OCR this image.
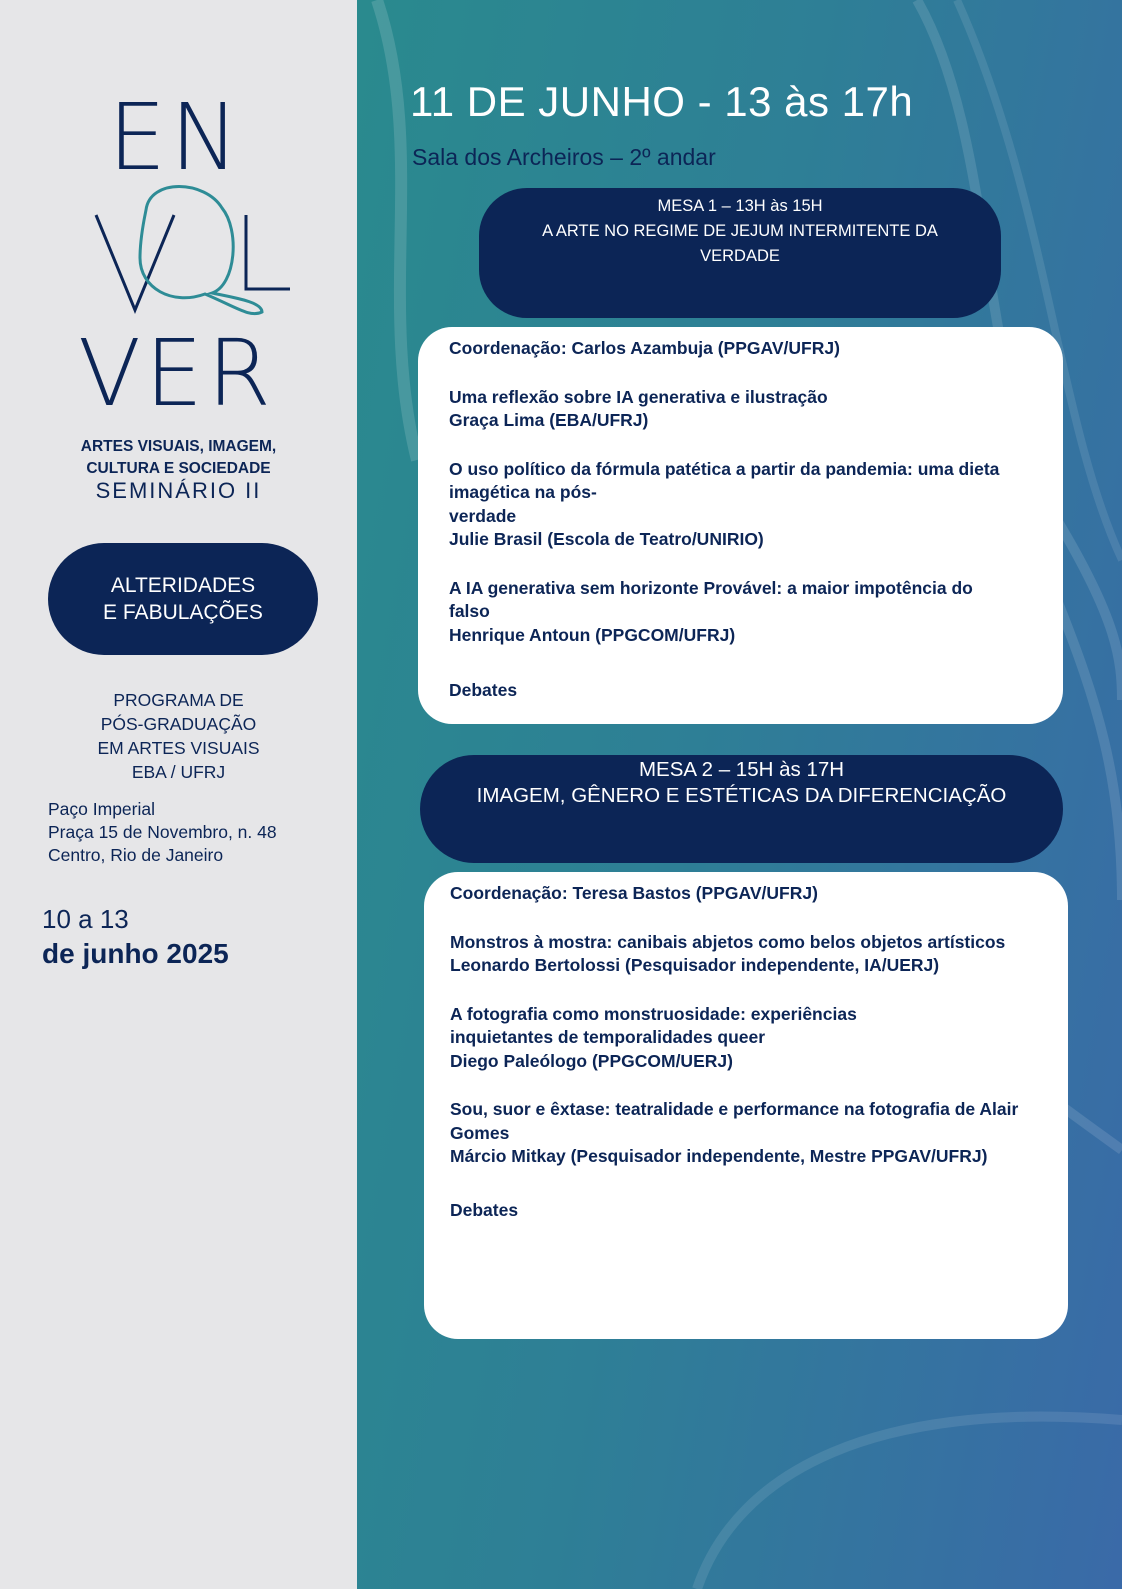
EN
VER
ARTES VISUAIS, IMAGEM,
CULTURA E SOCIEDADE
SEMINÁRIO II
ALTERIDADES
E FABULAÇÕES
PROGRAMA DE
PÓS-GRADUAÇÃO
EM ARTES VISUAIS
EBA / UFRJ
Paço Imperial
Praça 15 de Novembro, n. 48
Centro, Rio de Janeiro
10 a 13
de junho 2025
11 DE JUNHO - 13 às 17h
Sala dos Archeiros – 2º andar
MESA 1 – 13H às 15H
A ARTE NO REGIME DE JEJUM INTERMITENTE DA VERDADE
Coordenação: Carlos Azambuja (PPGAV/UFRJ)
Uma reflexão sobre IA generativa e ilustração
Graça Lima (EBA/UFRJ)
O uso político da fórmula patética a partir da pandemia: uma dieta imagética na pós-
verdade
Julie Brasil (Escola de Teatro/UNIRIO)
A IA generativa sem horizonte Provável: a maior impotência do falso
Henrique Antoun (PPGCOM/UFRJ)
Debates
MESA 2 – 15H às 17H
IMAGEM, GÊNERO E ESTÉTICAS DA DIFERENCIAÇÃO
Coordenação: Teresa Bastos (PPGAV/UFRJ)
Monstros à mostra: canibais abjetos como belos objetos artísticos
Leonardo Bertolossi (Pesquisador independente, IA/UERJ)
A fotografia como monstruosidade: experiências inquietantes de temporalidades queer
Diego Paleólogo (PPGCOM/UERJ)
Sou, suor e êxtase: teatralidade e performance na fotografia de Alair Gomes
Márcio Mitkay (Pesquisador independente, Mestre PPGAV/UFRJ)
Debates
